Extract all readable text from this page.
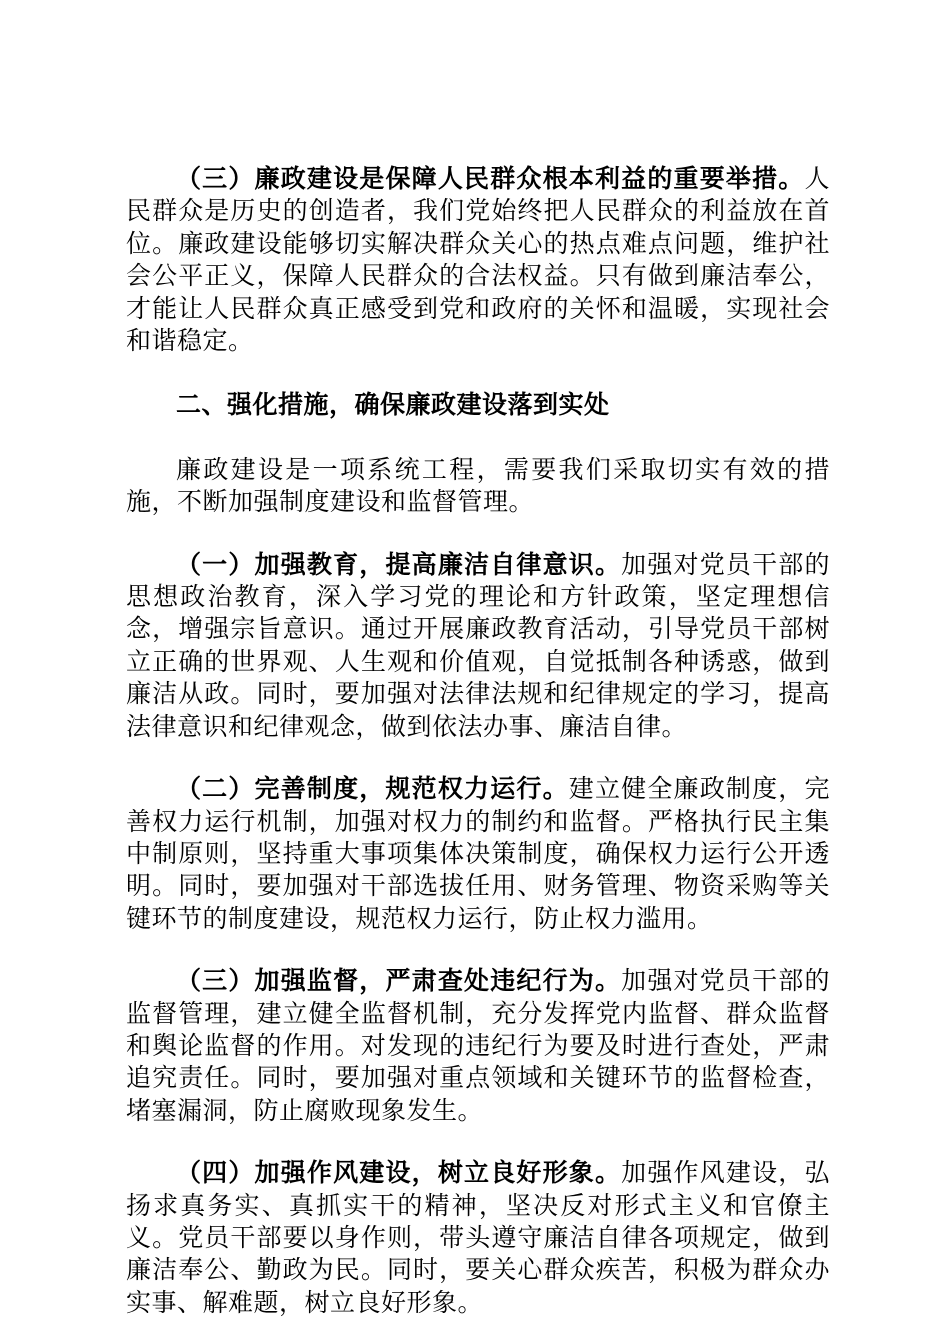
（三）廉政建设是保障人民群众根本利益的重要举措。人民群众是历史的创造者，我们党始终把人民群众的利益放在首位。廉政建设能够切实解决群众关心的热点难点问题，维护社会公平正义，保障人民群众的合法权益。只有做到廉洁奉公，才能让人民群众真正感受到党和政府的关怀和温暖，实现社会和谐稳定。

二、强化措施，确保廉政建设落到实处

廉政建设是一项系统工程，需要我们采取切实有效的措施，不断加强制度建设和监督管理。

（一）加强教育，提高廉洁自律意识。加强对党员干部的思想政治教育，深入学习党的理论和方针政策，坚定理想信念，增强宗旨意识。通过开展廉政教育活动，引导党员干部树立正确的世界观、人生观和价值观，自觉抵制各种诱惑，做到廉洁从政。同时，要加强对法律法规和纪律规定的学习，提高法律意识和纪律观念，做到依法办事、廉洁自律。

（二）完善制度，规范权力运行。建立健全廉政制度，完善权力运行机制，加强对权力的制约和监督。严格执行民主集中制原则，坚持重大事项集体决策制度，确保权力运行公开透明。同时，要加强对干部选拔任用、财务管理、物资采购等关键环节的制度建设，规范权力运行，防止权力滥用。

（三）加强监督，严肃查处违纪行为。加强对党员干部的监督管理，建立健全监督机制，充分发挥党内监督、群众监督和舆论监督的作用。对发现的违纪行为要及时进行查处，严肃追究责任。同时，要加强对重点领域和关键环节的监督检查，堵塞漏洞，防止腐败现象发生。

（四）加强作风建设，树立良好形象。加强作风建设，弘扬求真务实、真抓实干的精神，坚决反对形式主义和官僚主义。党员干部要以身作则，带头遵守廉洁自律各项规定，做到廉洁奉公、勤政为民。同时，要关心群众疾苦，积极为群众办实事、解难题，树立良好形象。
